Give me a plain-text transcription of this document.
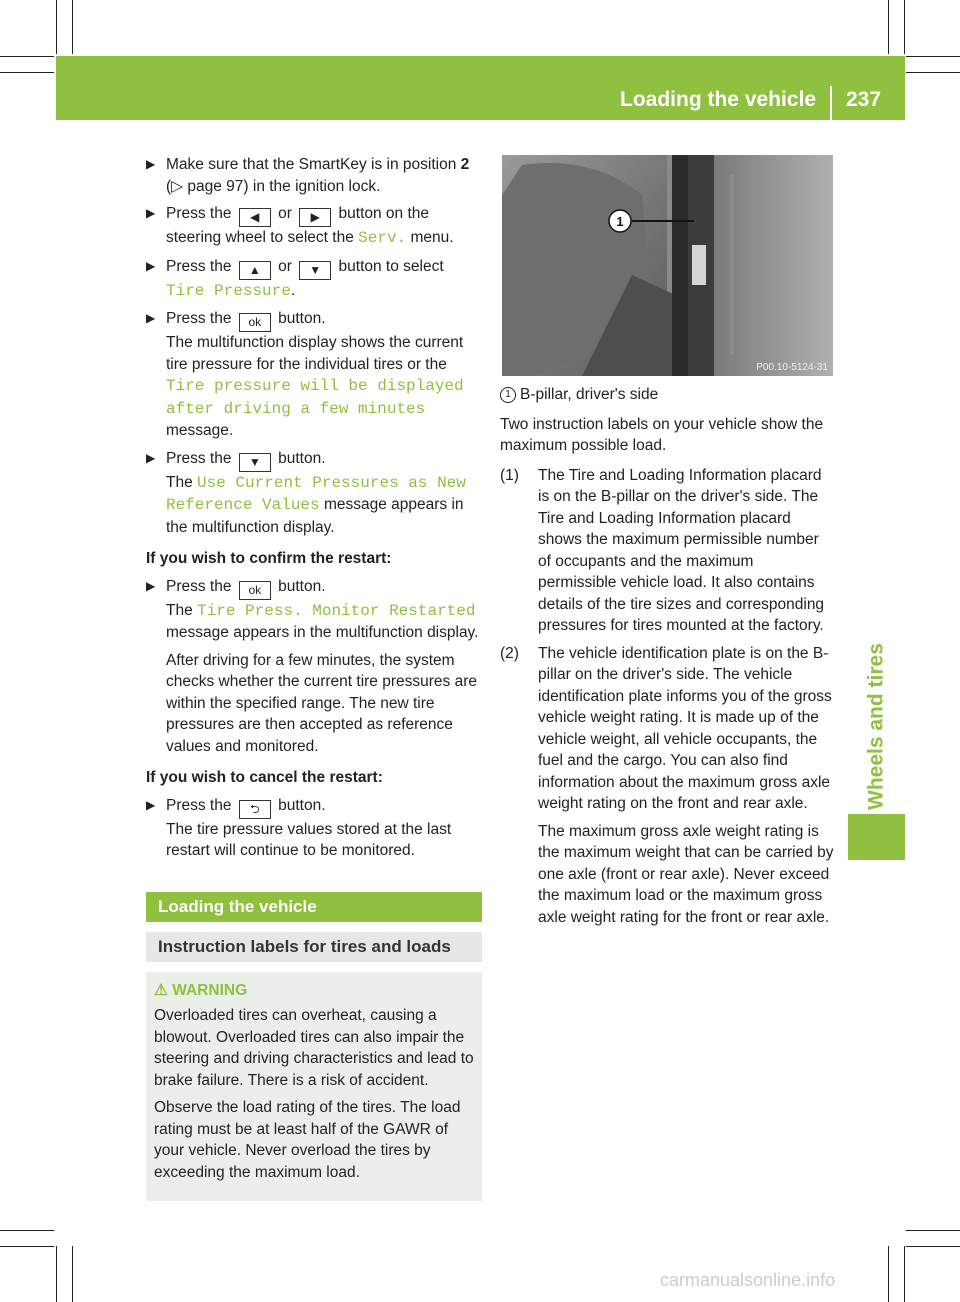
Loading the vehicle 237
Wheels and tires
▶ Make sure that the SmartKey is in position 2 (▷ page 97) in the ignition lock.
▶ Press the ◀ or ▶ button on the steering wheel to select the Serv. menu.
▶ Press the ▲ or ▼ button to select Tire Pressure.
▶ Press the ok button.
The multifunction display shows the current tire pressure for the individual tires or the Tire pressure will be displayed after driving a few minutes message.
▶ Press the ▼ button.
The Use Current Pressures as New Reference Values message appears in the multifunction display.
If you wish to confirm the restart:
▶ Press the ok button.
The Tire Press. Monitor Restarted message appears in the multifunction display.
After driving for a few minutes, the system checks whether the current tire pressures are within the specified range. The new tire pressures are then accepted as reference values and monitored.
If you wish to cancel the restart:
▶ Press the ⮌ button.
The tire pressure values stored at the last restart will continue to be monitored.
Loading the vehicle
Instruction labels for tires and loads
⚠ WARNING

Overloaded tires can overheat, causing a blowout. Overloaded tires can also impair the steering and driving characteristics and lead to brake failure. There is a risk of accident.

Observe the load rating of the tires. The load rating must be at least half of the GAWR of your vehicle. Never overload the tires by exceeding the maximum load.

1
P00.10-5124-31
1 B-pillar, driver's side
Two instruction labels on your vehicle show the maximum possible load.
(1) The Tire and Loading Information placard is on the B-pillar on the driver's side. The Tire and Loading Information placard shows the maximum permissible number of occupants and the maximum permissible vehicle load. It also contains details of the tire sizes and corresponding pressures for tires mounted at the factory.

(2) The vehicle identification plate is on the B-pillar on the driver's side. The vehicle identification plate informs you of the gross vehicle weight rating. It is made up of the vehicle weight, all vehicle occupants, the fuel and the cargo. You can also find information about the maximum gross axle weight rating on the front and rear axle.

The maximum gross axle weight rating is the maximum weight that can be carried by one axle (front or rear axle). Never exceed the maximum load or the maximum gross axle weight rating for the front or rear axle.

carmanualsonline.info
